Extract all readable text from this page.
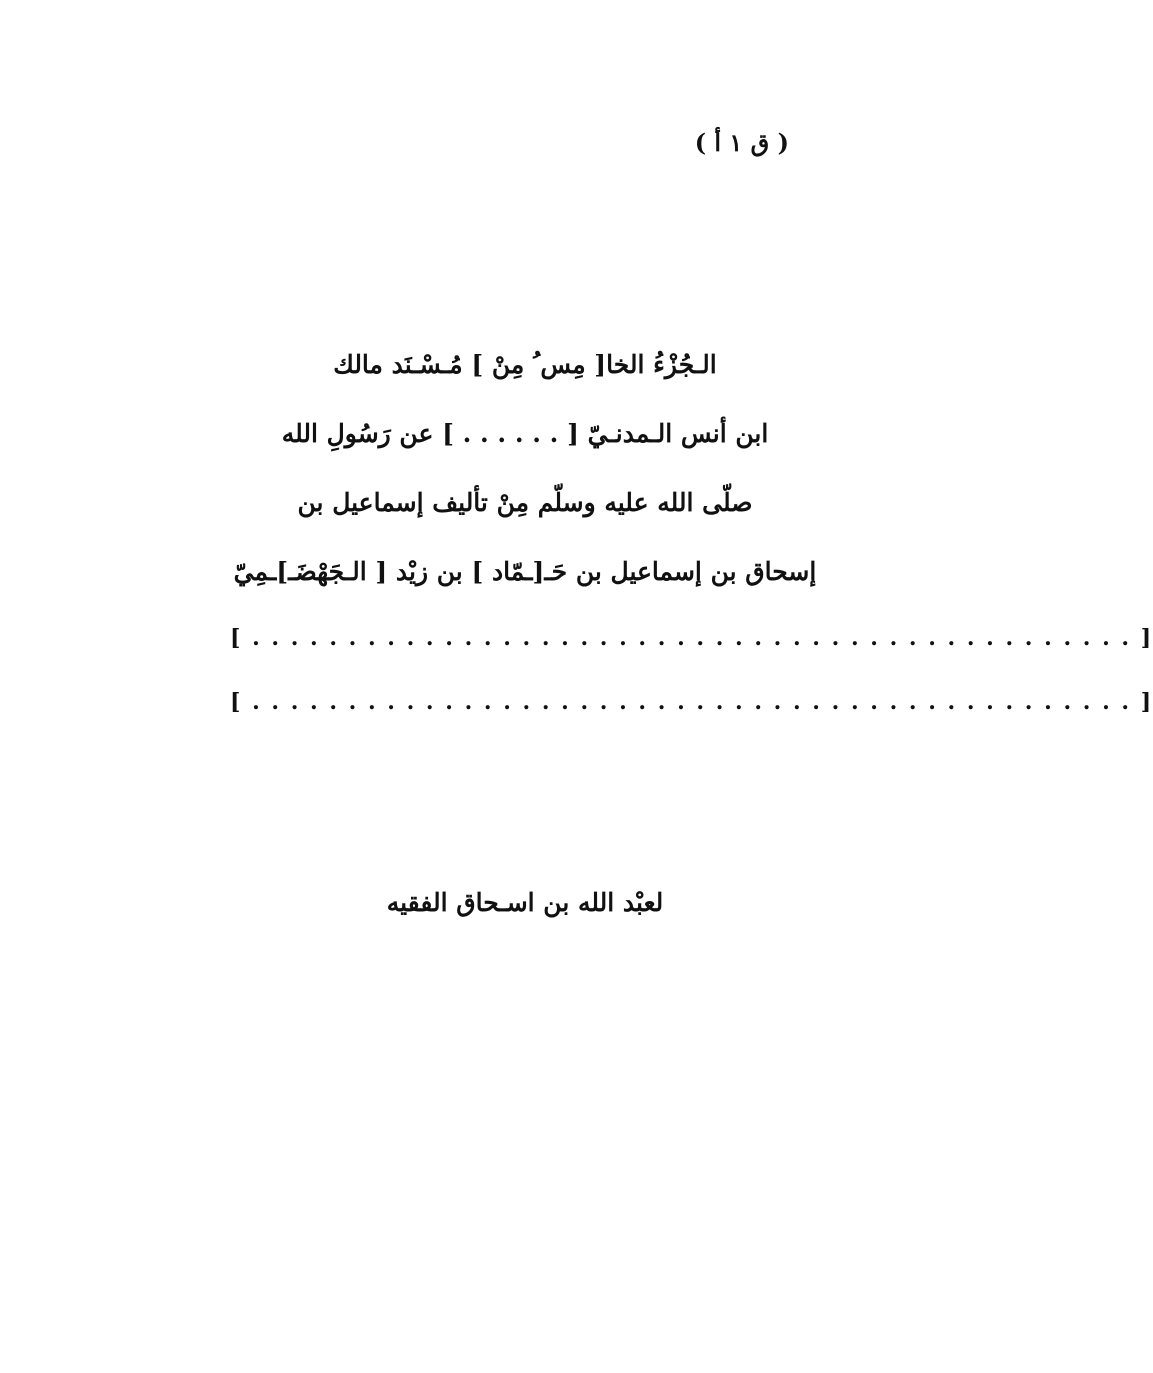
( ق ١ أ )
الـجُزْءُ الخا[ مِس ُ مِنْ ] مُـسْـنَد مالك
ابن أنس الـمدنـيّ [ . . . . . . ] عن رَسُولِ الله
صلّى الله عليه وسلّم مِنْ تأليف إسماعيل بن
إسحاق بن إسماعيل بن حَـ[ـمّاد ] بن زيْد [ الـجَهْضَـ]ـمِيّ
[ . . . . . . . . . . . . . . . . . . . . . . . . . . . . . . . . . . . . . . . . . . . . . . ]
[ . . . . . . . . . . . . . . . . . . . . . . . . . . . . . . . . . . . . . . . . . . . . . . ]
لعبْد الله بن اسـحاق الفقيه
